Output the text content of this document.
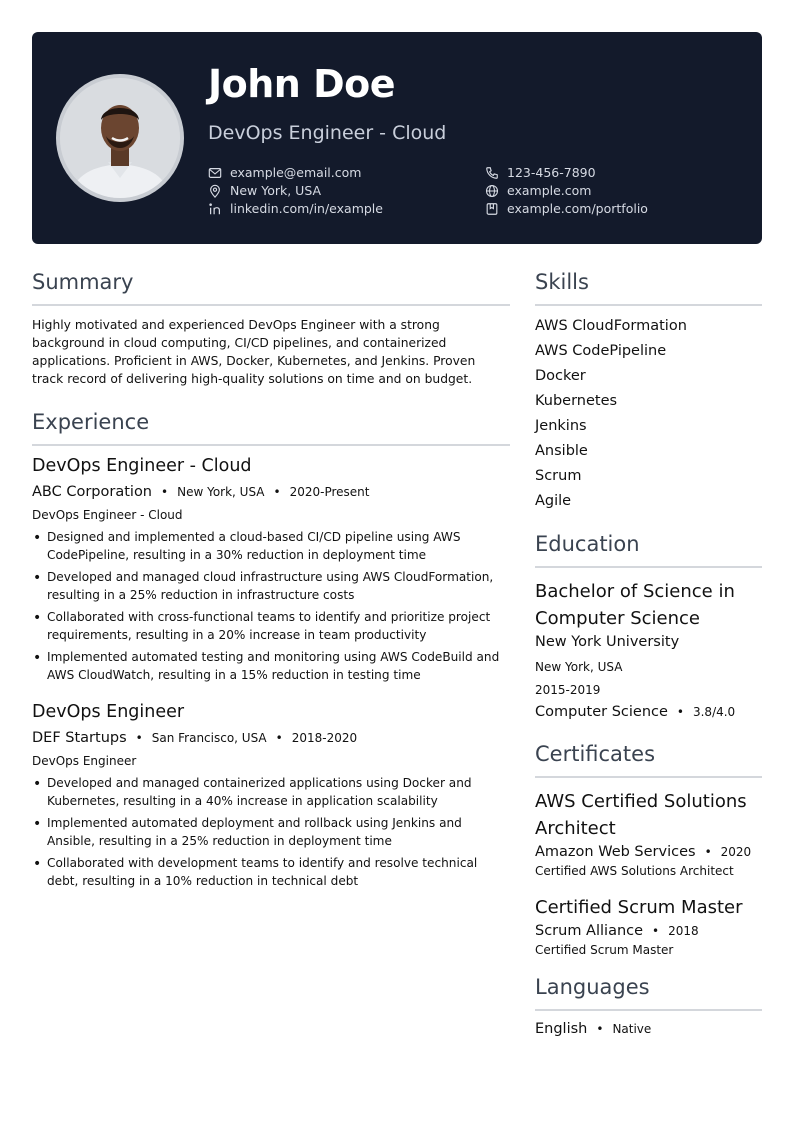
John Doe
DevOps Engineer - Cloud
example@email.com	123-456-7890
New York, USA	example.com
linkedin.com/in/example	example.com/portfolio
Summary

Highly motivated and experienced DevOps Engineer with a strong background in cloud computing, CI/CD pipelines, and containerized applications. Proficient in AWS, Docker, Kubernetes, and Jenkins. Proven track record of delivering high-quality solutions on time and on budget.

Experience
DevOps Engineer - Cloud
ABC Corporation • New York, USA • 2020-Present
DevOps Engineer - Cloud
• Designed and implemented a cloud-based CI/CD pipeline using AWS CodePipeline, resulting in a 30% reduction in deployment time
• Developed and managed cloud infrastructure using AWS CloudFormation, resulting in a 25% reduction in infrastructure costs
• Collaborated with cross-functional teams to identify and prioritize project requirements, resulting in a 20% increase in team productivity
• Implemented automated testing and monitoring using AWS CodeBuild and AWS CloudWatch, resulting in a 15% reduction in testing time
DevOps Engineer
DEF Startups • San Francisco, USA • 2018-2020
DevOps Engineer
• Developed and managed containerized applications using Docker and Kubernetes, resulting in a 40% increase in application scalability
• Implemented automated deployment and rollback using Jenkins and Ansible, resulting in a 25% reduction in deployment time
• Collaborated with development teams to identify and resolve technical debt, resulting in a 10% reduction in technical debt
Skills
AWS CloudFormation
AWS CodePipeline
Docker
Kubernetes
Jenkins
Ansible
Scrum
Agile
Education
Bachelor of Science in Computer Science
New York University
New York, USA
2015-2019
Computer Science • 3.8/4.0
Certificates
AWS Certified Solutions Architect
Amazon Web Services • 2020
Certified AWS Solutions Architect
Certified Scrum Master
Scrum Alliance • 2018
Certified Scrum Master
Languages
English • Native
